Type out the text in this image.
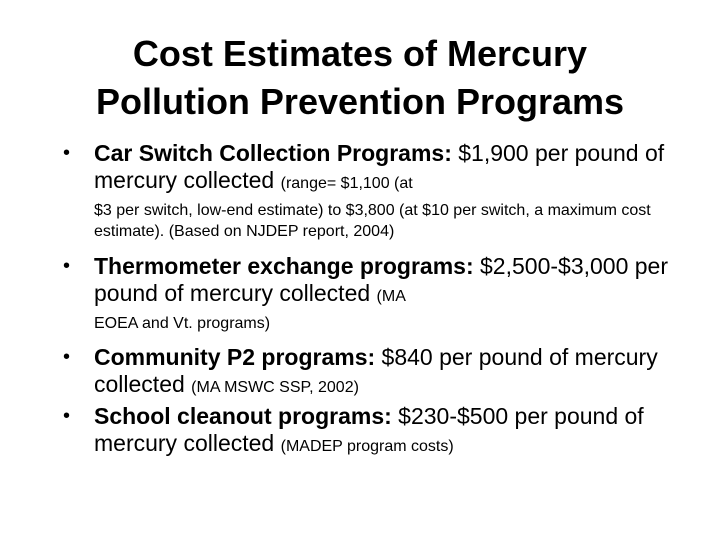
Cost Estimates of Mercury
Pollution Prevention Programs
• Car Switch Collection Programs: $1,900 per pound of mercury collected (range= $1,100 (at
$3 per switch, low-end estimate) to $3,800 (at $10 per switch, a maximum cost estimate). (Based on NJDEP report, 2004)
• Thermometer exchange programs: $2,500-$3,000 per pound of mercury collected (MA
EOEA and Vt. programs)
• Community P2 programs: $840 per pound of mercury collected (MA MSWC SSP, 2002)
• School cleanout programs: $230-$500 per pound of mercury collected (MADEP program costs)
